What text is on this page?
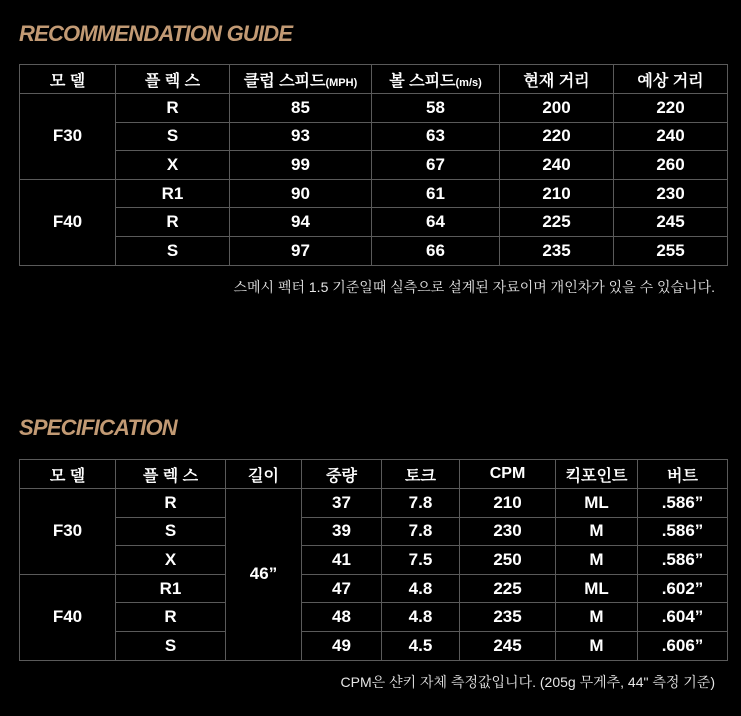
RECOMMENDATION GUIDE
모 델	플 렉 스	클럽 스피드(MPH)	볼 스피드(m/s)	현재 거리	예상 거리
F30	R	85	58	200	220
	S	93	63	220	240
	X	99	67	240	260
F40	R1	90	61	210	230
	R	94	64	225	245
	S	97	66	235	255

스메시 펙터 1.5 기준일때 실측으로 설계된 자료이며 개인차가 있을 수 있습니다.

SPECIFICATION
모 델	플 렉 스	길이	중량	토크	CPM	킥포인트	버트
F30	R	46”	37	7.8	210	ML	.586”
	S		39	7.8	230	M	.586”
	X		41	7.5	250	M	.586”
F40	R1		47	4.8	225	ML	.602”
	R		48	4.8	235	M	.604”
	S		49	4.5	245	M	.606”

CPM은 샨키 자체 측정값입니다. (205g 무게추, 44" 측정 기준)
